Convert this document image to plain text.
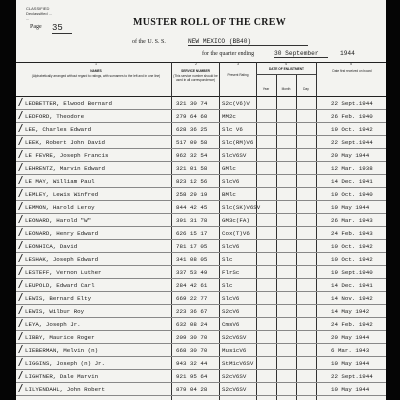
CLASSIFIED
Declassified ...
...
Page 35	MUSTER ROLL OF THE CREW
of the U. S. S.	NEW MEXICO (BB40)
for the quarter ending	30 September	1944
1	2	3	4	5
NAMES
(Alphabetically arranged without regard to ratings, with surnames to the left and in one line)
SERVICE NUMBER
(This service number should be used in all correspondence)
Present Rating
DATE OF ENLISTMENT
Year	Month	Day
Date first received on board
LEDBETTER, Elwood Bernard	321 30 74	S2c(V6)V	22 Sept.1944
LEDFORD, Theodore	279 64 60	MM2c	26 Feb. 1940
LEE, Charles Edward	628 36 25	Slc V6	19 Oct. 1942
LEEK, Robert John David	517 09 58	Slc(RM)V6	22 Sept.1944
LE FEVRE, Joseph Francis	962 32 54	SlcV6SV	20 May 1944
LEHRENTZ, Marvin Edward	321 01 58	GMlc	12 Mar. 1938
LE MAY, William Paul	823 12 56	SlcV6	14 Dec. 1941
LEMLEY, Lewis Winfred	258 29 19	BMlc	19 Oct. 1940
LEMMON, Harold Leroy	844 42 45	Slc(SK)V6SV	10 May 1944
LEONARD, Harold "W"	391 31 78	GM3c(FA)	26 Mar. 1943
LEONARD, Henry Edward	626 15 17	Cox(T)V6	24 Feb. 1943
LEONHICA, David	781 17 05	SlcV6	10 Oct. 1942
LESHAK, Joseph Edward	341 08 05	Slc	10 Oct. 1942
LESTEFF, Vernon Luther	337 53 49	FlrSc	19 Sept.1940
LEUPOLD, Edward Carl	284 42 61	Slc	14 Dec. 1941
LEWIS, Bernard Elty	669 22 77	SlcV6	14 Nov. 1942
LEWIS, Wilbur Roy	223 36 67	S2cV6	14 May 1942
LEYA, Joseph Jr.	632 08 24	CmsV6	24 Feb. 1942
LIBBY, Maurice Roger	209 30 70	S2cV6SV	20 May 1944
LIEBERMAN, Melvin (n)	668 30 70	Mus1cV6	6 Mar. 1943
LIGGINS, Joseph (n) Jr.	943 32 44	StM1cV6SV	10 May 1944
LIGHTNER, Dale Marvin	921 95 64	S2cV6SV	22 Sept.1944
LILYENDAHL, John Robert	879 04 28	S2cV6SV	10 May 1944
